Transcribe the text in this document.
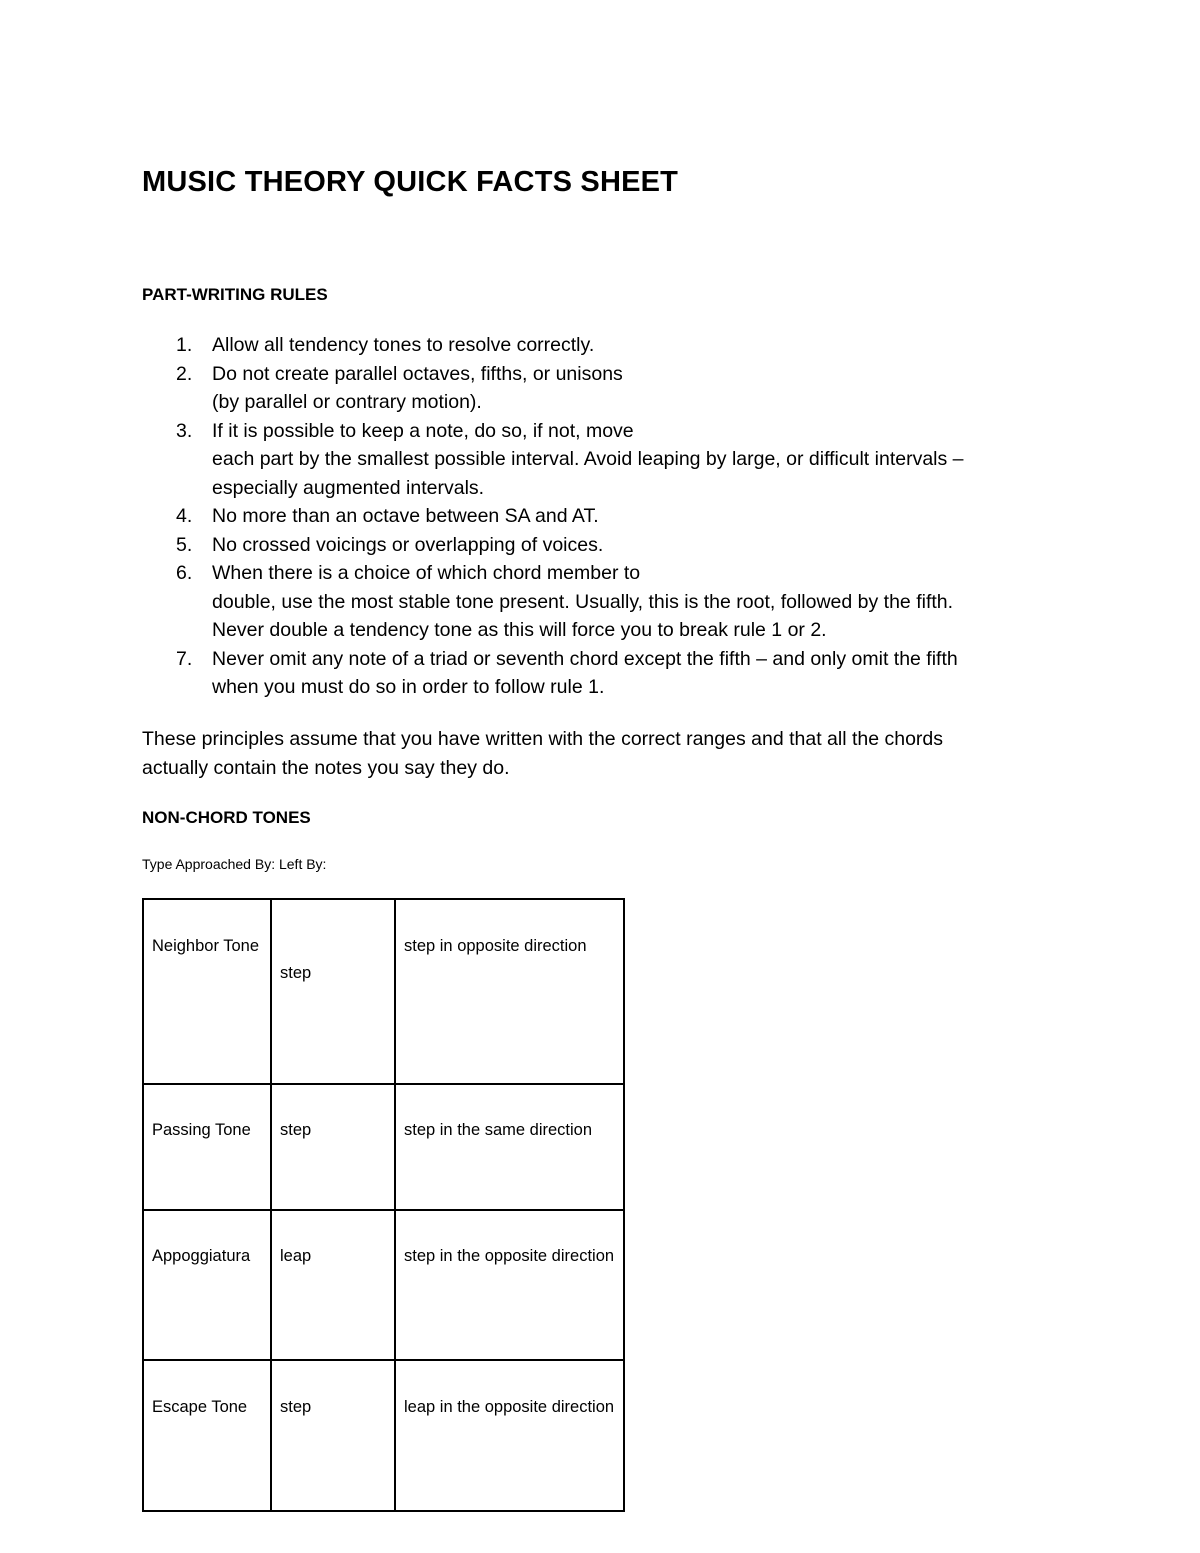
MUSIC THEORY QUICK FACTS SHEET
PART-WRITING RULES
1. Allow all tendency tones to resolve correctly.
2. Do not create parallel octaves, fifths, or unisons
(by parallel or contrary motion).
3. If it is possible to keep a note, do so, if not, move
each part by the smallest possible interval. Avoid leaping by large, or difficult intervals –
especially augmented intervals.
4. No more than an octave between SA and AT.
5. No crossed voicings or overlapping of voices.
6. When there is a choice of which chord member to
double, use the most stable tone present. Usually, this is the root, followed by the fifth.
Never double a tendency tone as this will force you to break rule 1 or 2.
7. Never omit any note of a triad or seventh chord except the fifth – and only omit the fifth
when you must do so in order to follow rule 1.

These principles assume that you have written with the correct ranges and that all the chords
actually contain the notes you say they do.

NON-CHORD TONES

Type Approached By: Left By:

Neighbor Tone	step	step in opposite direction

Passing Tone	step	step in the same direction

Appoggiatura	leap	step in the opposite direction

Escape Tone	step	leap in the opposite direction
